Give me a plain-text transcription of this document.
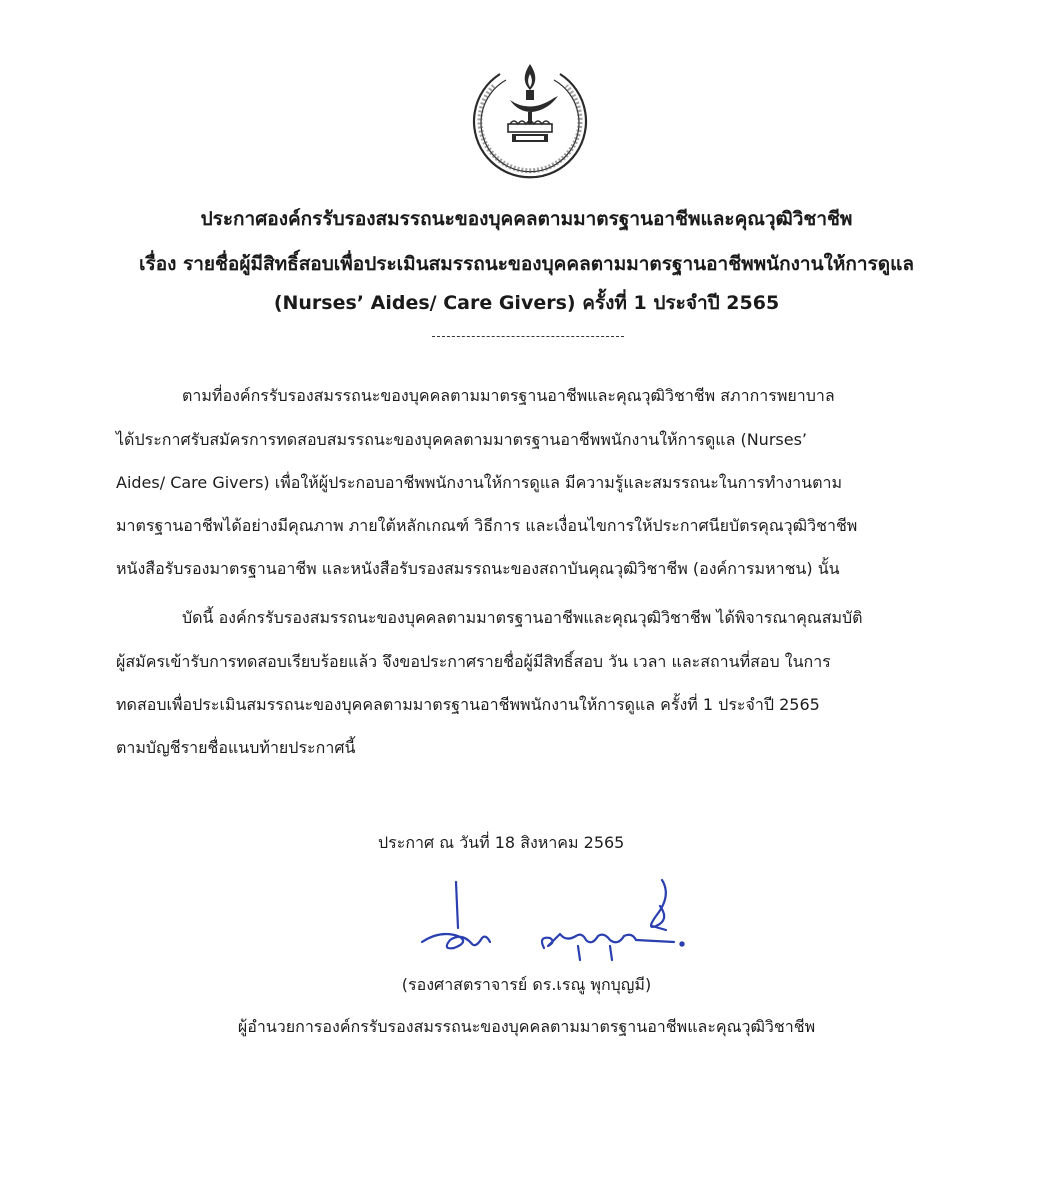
ประกาศองค์กรรับรองสมรรถนะของบุคคลตามมาตรฐานอาชีพและคุณวุฒิวิชาชีพ
เรื่อง รายชื่อผู้มีสิทธิ์สอบเพื่อประเมินสมรรถนะของบุคคลตามมาตรฐานอาชีพพนักงานให้การดูแล
(Nurses’ Aides/ Care Givers) ครั้งที่ 1 ประจำปี 2565
ตามที่องค์กรรับรองสมรรถนะของบุคคลตามมาตรฐานอาชีพและคุณวุฒิวิชาชีพ สภาการพยาบาล
ได้ประกาศรับสมัครการทดสอบสมรรถนะของบุคคลตามมาตรฐานอาชีพพนักงานให้การดูแล (Nurses’
Aides/ Care Givers) เพื่อให้ผู้ประกอบอาชีพพนักงานให้การดูแล มีความรู้และสมรรถนะในการทำงานตาม
มาตรฐานอาชีพได้อย่างมีคุณภาพ ภายใต้หลักเกณฑ์ วิธีการ และเงื่อนไขการให้ประกาศนียบัตรคุณวุฒิวิชาชีพ
หนังสือรับรองมาตรฐานอาชีพ และหนังสือรับรองสมรรถนะของสถาบันคุณวุฒิวิชาชีพ (องค์การมหาชน) นั้น
บัดนี้ องค์กรรับรองสมรรถนะของบุคคลตามมาตรฐานอาชีพและคุณวุฒิวิชาชีพ ได้พิจารณาคุณสมบัติ
ผู้สมัครเข้ารับการทดสอบเรียบร้อยแล้ว จึงขอประกาศรายชื่อผู้มีสิทธิ์สอบ วัน เวลา และสถานที่สอบ ในการ
ทดสอบเพื่อประเมินสมรรถนะของบุคคลตามมาตรฐานอาชีพพนักงานให้การดูแล ครั้งที่ 1 ประจำปี 2565
ตามบัญชีรายชื่อแนบท้ายประกาศนี้
ประกาศ ณ วันที่ 18 สิงหาคม 2565
(รองศาสตราจารย์ ดร.เรณู พุกบุญมี)
ผู้อำนวยการองค์กรรับรองสมรรถนะของบุคคลตามมาตรฐานอาชีพและคุณวุฒิวิชาชีพ
